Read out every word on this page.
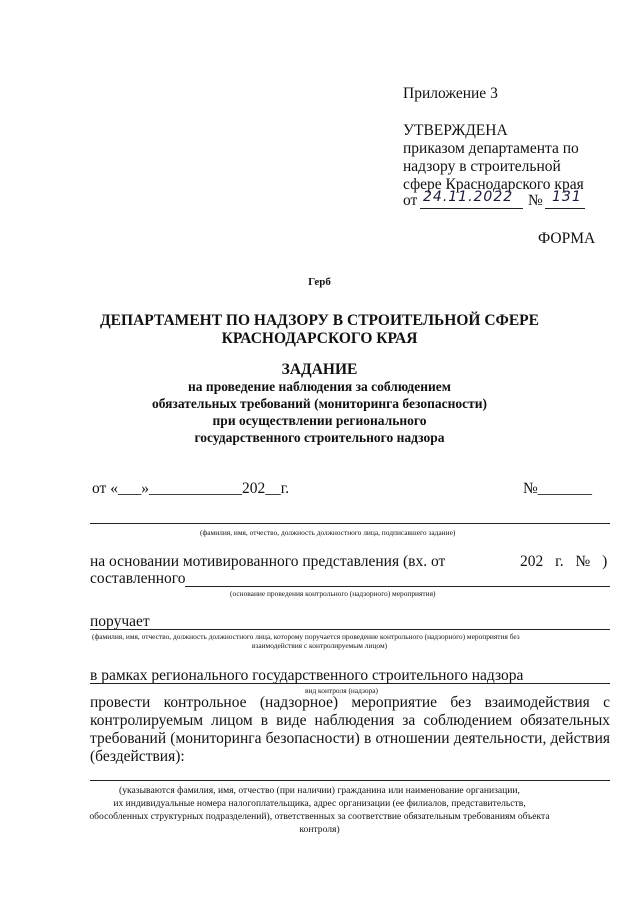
Приложение 3
УТВЕРЖДЕНА
приказом департамента по
надзору в строительной
сфере Краснодарского края
от 24.11.2022 № 131
ФОРМА
Герб
ДЕПАРТАМЕНТ ПО НАДЗОРУ В СТРОИТЕЛЬНОЙ СФЕРЕ
КРАСНОДАРСКОГО КРАЯ
ЗАДАНИЕ
на проведение наблюдения за соблюдением
обязательных требований (мониторинга безопасности)
при осуществлении регионального
государственного строительного надзора
от «___»____________202__г.	№_______
(фамилия, имя, отчество, должность должностного лица, подписавшего задание)
на основании мотивированного представления (вх. от	202 г. № )
составленного
(основание проведения контрольного (надзорного) мероприятия)
поручает
(фамилия, имя, отчество, должность должностного лица, которому поручается проведение контрольного (надзорного) мероприятия без
взаимодействия с контролируемым лицом)
в рамках регионального государственного строительного надзора
вид контроля (надзора)
провести контрольное (надзорное) мероприятие без взаимодействия с
контролируемым лицом в виде наблюдения за соблюдением обязательных
требований (мониторинга безопасности) в отношении деятельности, действия
(бездействия):
(указываются фамилия, имя, отчество (при наличии) гражданина или наименование организации,
их индивидуальные номера налогоплательщика, адрес организации (ее филиалов, представительств,
обособленных структурных подразделений), ответственных за соответствие обязательным требованиям объекта
контроля)
